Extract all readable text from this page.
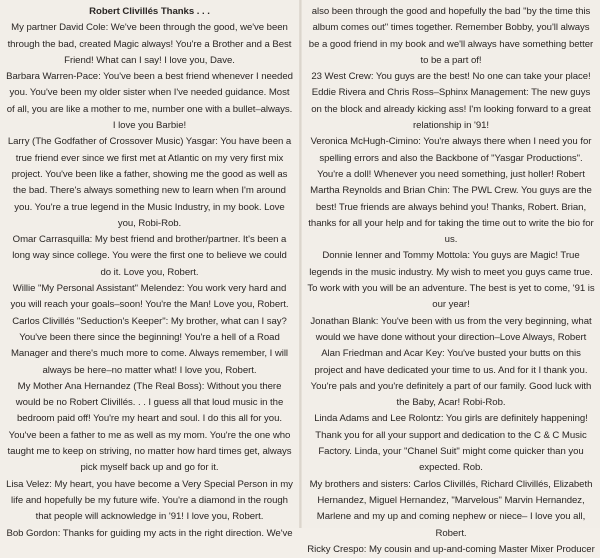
Robert Clivillés Thanks . . .

My partner David Cole: We've been through the good, we've been through the bad, created Magic always! You're a Brother and a Best Friend! What can I say! I love you, Dave.

Barbara Warren-Pace: You've been a best friend whenever I needed you. You've been my older sister when I've needed guidance. Most of all, you are like a mother to me, number one with a bullet–always. I love you Barbie!

Larry (The Godfather of Crossover Music) Yasgar: You have been a true friend ever since we first met at Atlantic on my very first mix project. You've been like a father, showing me the good as well as the bad. There's always something new to learn when I'm around you. You're a true legend in the Music Industry, in my book. Love you, Robi-Rob.

Omar Carrasquilla: My best friend and brother/partner. It's been a long way since college. You were the first one to believe we could do it. Love you, Robert.

Willie "My Personal Assistant" Melendez: You work very hard and you will reach your goals–soon! You're the Man! Love you, Robert.

Carlos Clivillés "Seduction's Keeper": My brother, what can I say? You've been there since the beginning! You're a hell of a Road Manager and there's much more to come. Always remember, I will always be here–no matter what! I love you, Robert.

My Mother Ana Hernandez (The Real Boss): Without you there would be no Robert Clivillés. . . I guess all that loud music in the bedroom paid off! You're my heart and soul. I do this all for you. You've been a father to me as well as my mom. You're the one who taught me to keep on striving, no matter how hard times get, always pick myself back up and go for it.

Lisa Velez: My heart, you have become a Very Special Person in my life and hopefully be my future wife. You're a diamond in the rough that people will acknowledge in '91! I love you, Robert.

Bob Gordon: Thanks for guiding my acts in the right direction. We've

also been through the good and hopefully the bad "by the time this album comes out" times together. Remember Bobby, you'll always be a good friend in my book and we'll always have something better to be a part of!

23 West Crew: You guys are the best! No one can take your place!

Eddie Rivera and Chris Ross–Sphinx Management: The new guys on the block and already kicking ass! I'm looking forward to a great relationship in '91!

Veronica McHugh-Cimino: You're always there when I need you for spelling errors and also the Backbone of "Yasgar Productions". You're a doll! Whenever you need something, just holler! Robert

Martha Reynolds and Brian Chin: The PWL Crew. You guys are the best! True friends are always behind you! Thanks, Robert. Brian, thanks for all your help and for taking the time out to write the bio for us.

Donnie Ienner and Tommy Mottola: You guys are Magic! True legends in the music industry. My wish to meet you guys came true. To work with you will be an adventure. The best is yet to come, '91 is our year!

Jonathan Blank: You've been with us from the very beginning, what would we have done without your direction–Love Always, Robert

Alan Friedman and Acar Key: You've busted your butts on this project and have dedicated your time to us. And for it I thank you. You're pals and you're definitely a part of our family. Good luck with the Baby, Acar! Robi-Rob.

Linda Adams and Lee Rolontz: You girls are definitely happening! Thank you for all your support and dedication to the C & C Music Factory. Linda, your "Chanel Suit" might come quicker than you expected. Rob.

My brothers and sisters: Carlos Clivillés, Richard Clivillés, Elizabeth Hernandez, Miguel Hernandez, "Marvelous" Marvin Hernandez, Marlene and my up and coming nephew or niece– I love you all, Robert.

Ricky Crespo: My cousin and up-and-coming Master Mixer Producer
